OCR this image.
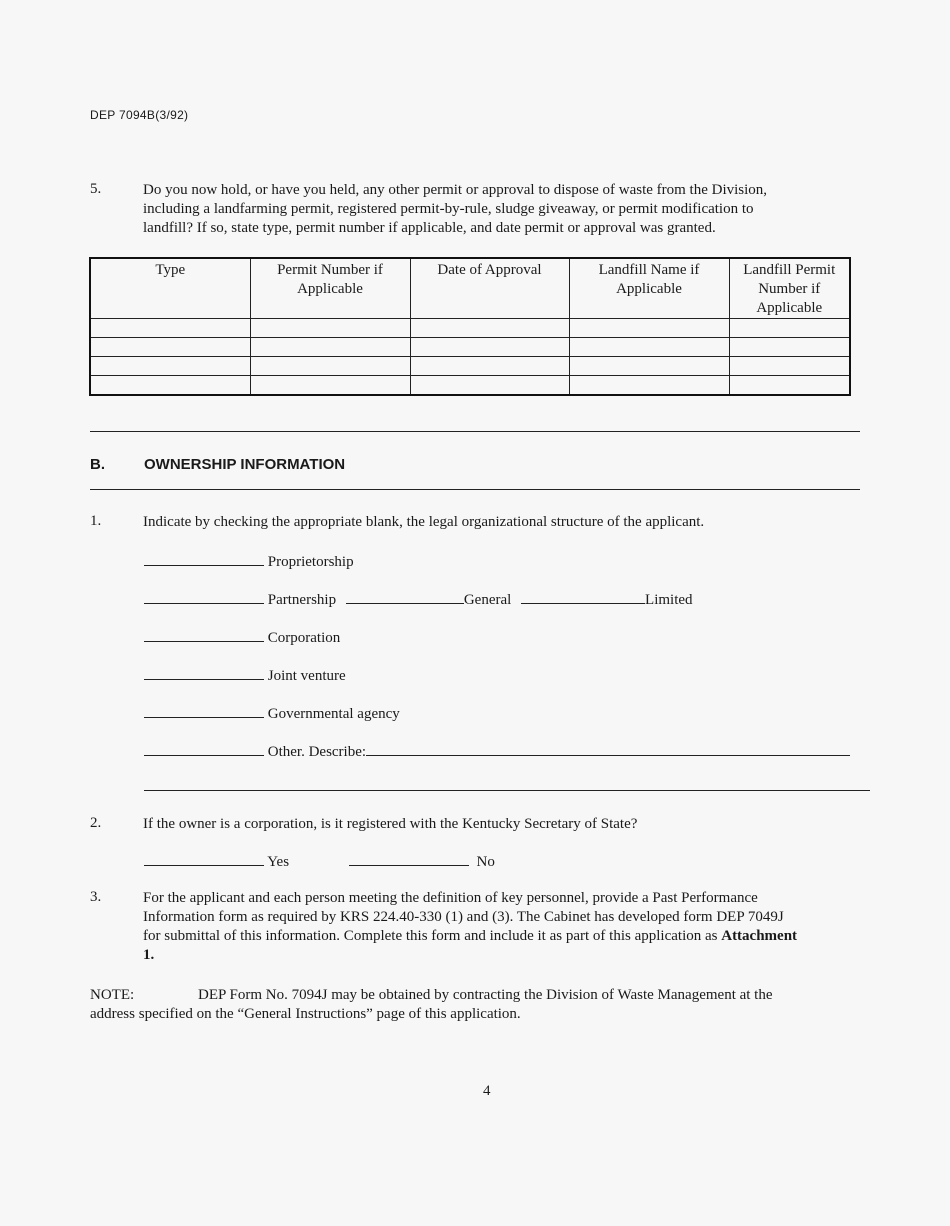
DEP 7094B(3/92)
5.	Do you now hold, or have you held, any other permit or approval to dispose of waste from the Division,
including a landfarming permit, registered permit-by-rule, sludge giveaway, or permit modification to
landfill? If so, state type, permit number if applicable, and date permit or approval was granted.
Type	Permit Number if Applicable	Date of Approval	Landfill Name if Applicable	Landfill Permit Number if Applicable

B.	OWNERSHIP INFORMATION
1.	Indicate by checking the appropriate blank, the legal organizational structure of the applicant.
Proprietorship
Partnership	General	Limited
Corporation
Joint venture
Governmental agency
Other. Describe:
2.	If the owner is a corporation, is it registered with the Kentucky Secretary of State?
Yes	No
3.	For the applicant and each person meeting the definition of key personnel, provide a Past Performance
Information form as required by KRS 224.40-330 (1) and (3). The Cabinet has developed form DEP 7049J
for submittal of this information. Complete this form and include it as part of this application as Attachment
1.
NOTE:	DEP Form No. 7094J may be obtained by contracting the Division of Waste Management at the
address specified on the “General Instructions” page of this application.
4
